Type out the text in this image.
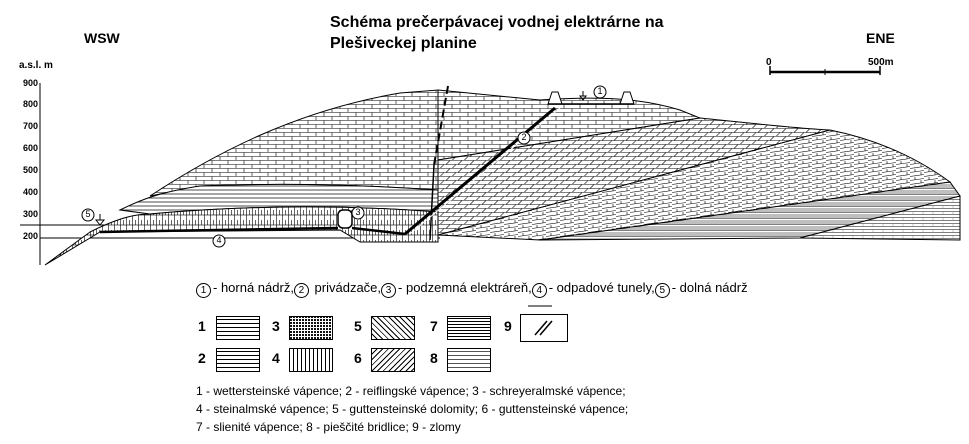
1
2
3
4
5
Schéma prečerpávacej vodnej elektrárne na
Plešiveckej planine
WSW	ENE
a.s.l. m
900
800
700
600
500
400
300
200
0	500m
1 - horná nádrž, 2 privádzače, 3 - podzemná elektráreň, 4 - odpadové tunely, 5 - dolná nádrž
1
2
3
4
5
6
7
8
9
1 - wettersteinské vápence; 2 - reiflingské vápence; 3 - schreyeralmské vápence;
4 - steinalmské vápence; 5 - guttensteinské dolomity; 6 - guttensteinské vápence;
7 - slienité vápence; 8 - pieščité bridlice; 9 - zlomy
